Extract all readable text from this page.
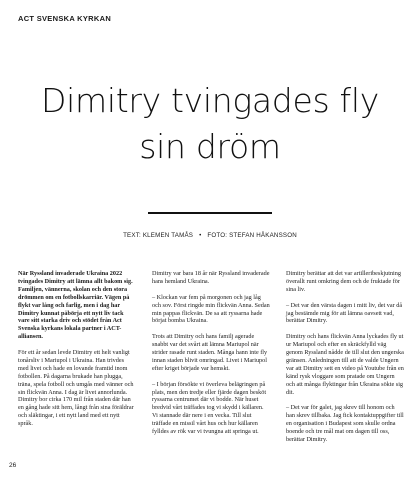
ACT SVENSKA KYRKAN
Dimitry tvingades fly
sin dröm
TEXT: KLEMEN TAMÅS • FOTO: STEFAN HÅKANSSON

När Ryssland invaderade Ukraina 2022 tvingades Dimitry att lämna allt bakom sig. Familjen, vännerna, skolan och den stora drömmen om en fotbollskarriär. Vägen på flykt var lång och farlig, men i dag har Dimitry kunnat påbörja ett nytt liv tack vare sitt starka driv och stödet från Act Svenska kyrkans lokala partner i ACT-alliansen.

För ett år sedan levde Dimitry ett helt vanligt tonårsliv i Mariupol i Ukraina. Han trivdes med livet och hade en lovande framtid inom fotbollen. På dagarna brukade han plugga, träna, spela fotboll och umgås med vänner och sin flickvän Anna. I dag är livet annorlunda. Dimitry bor cirka 170 mil från staden där han en gång hade sitt hem, långt från sina föräldrar och släktingar, i ett nytt land med ett nytt språk.

Dimitry var bara 18 år när Ryssland invaderade hans hemland Ukraina.

– Klockan var fem på morgonen och jag låg och sov. Först ringde min flickvän Anna. Sedan min pappas flickvän. De sa att ryssarna hade börjat bomba Ukraina.

Trots att Dimitry och hans familj agerade snabbt var det svårt att lämna Mariupol när strider rasade runt staden. Många hann inte fly innan staden blivit omringad. Livet i Mariupol efter kriget började var hemskt.

– I början försökte vi överleva belägringen på plats, men den tredje eller fjärde dagen besköt ryssarna centrumet där vi bodde. När huset bredvid vårt träffades tog vi skydd i källaren. Vi stannade där nere i en vecka. Till slut träffade en missil vårt hus och hur källaren fylldes av rök var vi tvungna att springa ut.

Dimitry berättar att det var artilleribeskjutning överallt runt omkring dem och de fruktade för sina liv.

– Det var den värsta dagen i mitt liv, det var då jag bestämde mig för att lämna oavsett vad, berättar Dimitry.

Dimitry och hans flickvän Anna lyckades fly ut ur Mariupol och efter en skräckfylld väg genom Ryssland nådde de till slut den ungerska gränsen. Anledningen till att de valde Ungern var att Dimitry sett en video på Youtube från en känd rysk vloggare som pratade om Ungern och att många flyktingar från Ukraina sökte sig dit.

– Det var för galet, jag skrev till honom och han skrev tillbaka. Jag fick kontaktuppgifter till en organisation i Budapest som skulle ordna boende och tre mål mat om dagen till oss, berättar Dimitry.

26
